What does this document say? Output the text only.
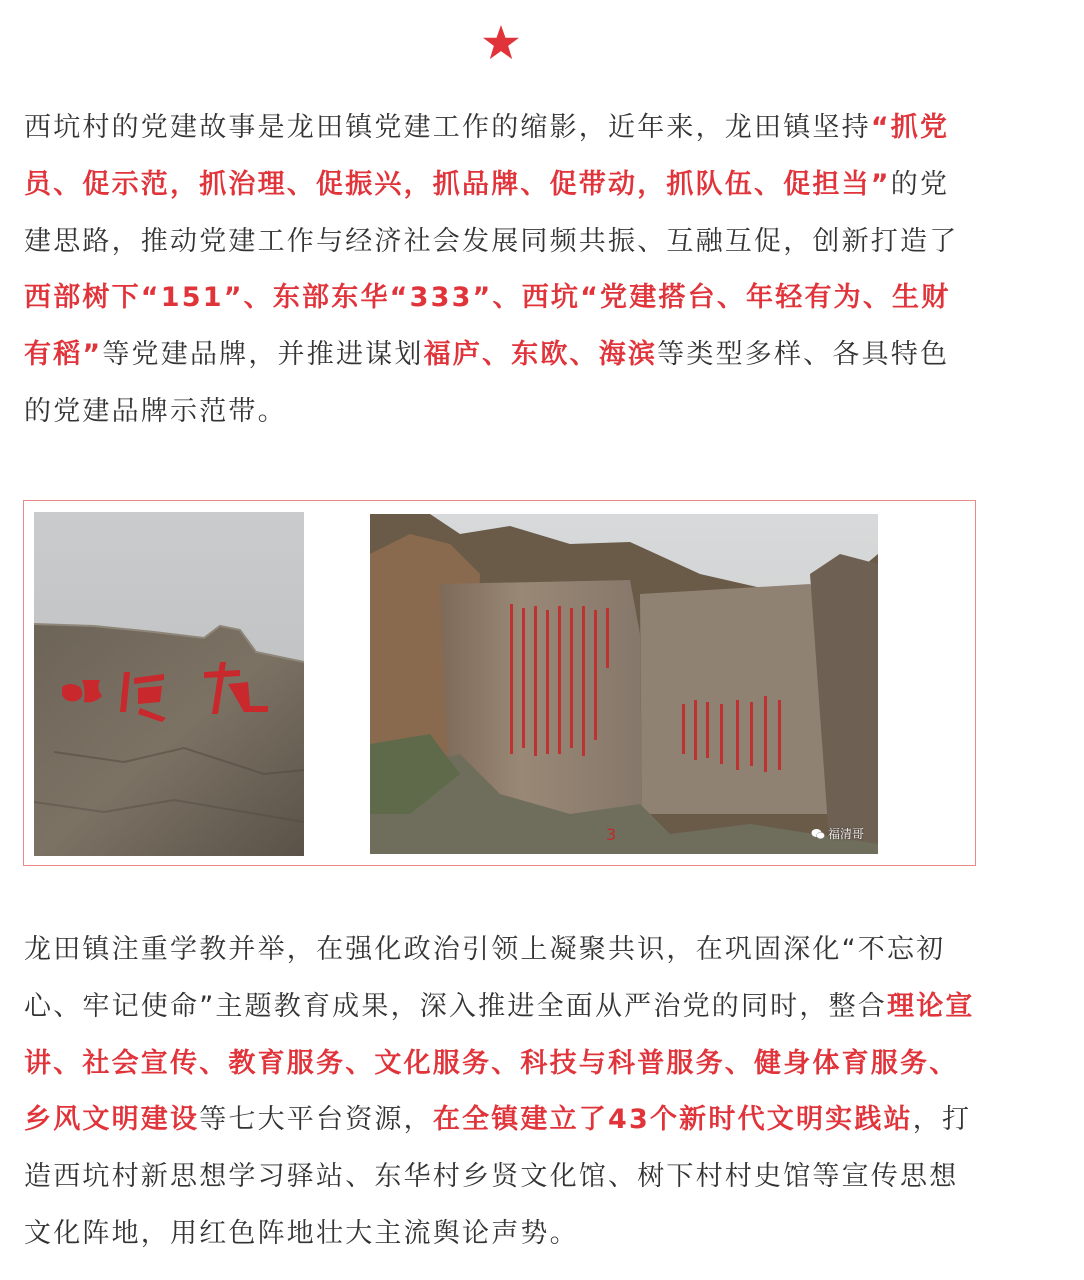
西坑村的党建故事是龙田镇党建工作的缩影，近年来，龙田镇坚持“抓党员、促示范，抓治理、促振兴，抓品牌、促带动，抓队伍、促担当”的党建思路，推动党建工作与经济社会发展同频共振、互融互促，创新打造了西部树下“151”、东部东华“333”、西坑“党建搭台、年轻有为、生财有稻”等党建品牌，并推进谋划福庐、东欧、海滨等类型多样、各具特色的党建品牌示范带。

3	福清哥

龙田镇注重学教并举，在强化政治引领上凝聚共识，在巩固深化“不忘初心、牢记使命”主题教育成果，深入推进全面从严治党的同时，整合理论宣讲、社会宣传、教育服务、文化服务、科技与科普服务、健身体育服务、乡风文明建设等七大平台资源，在全镇建立了43个新时代文明实践站，打造西坑村新思想学习驿站、东华村乡贤文化馆、树下村村史馆等宣传思想文化阵地，用红色阵地壮大主流舆论声势。
